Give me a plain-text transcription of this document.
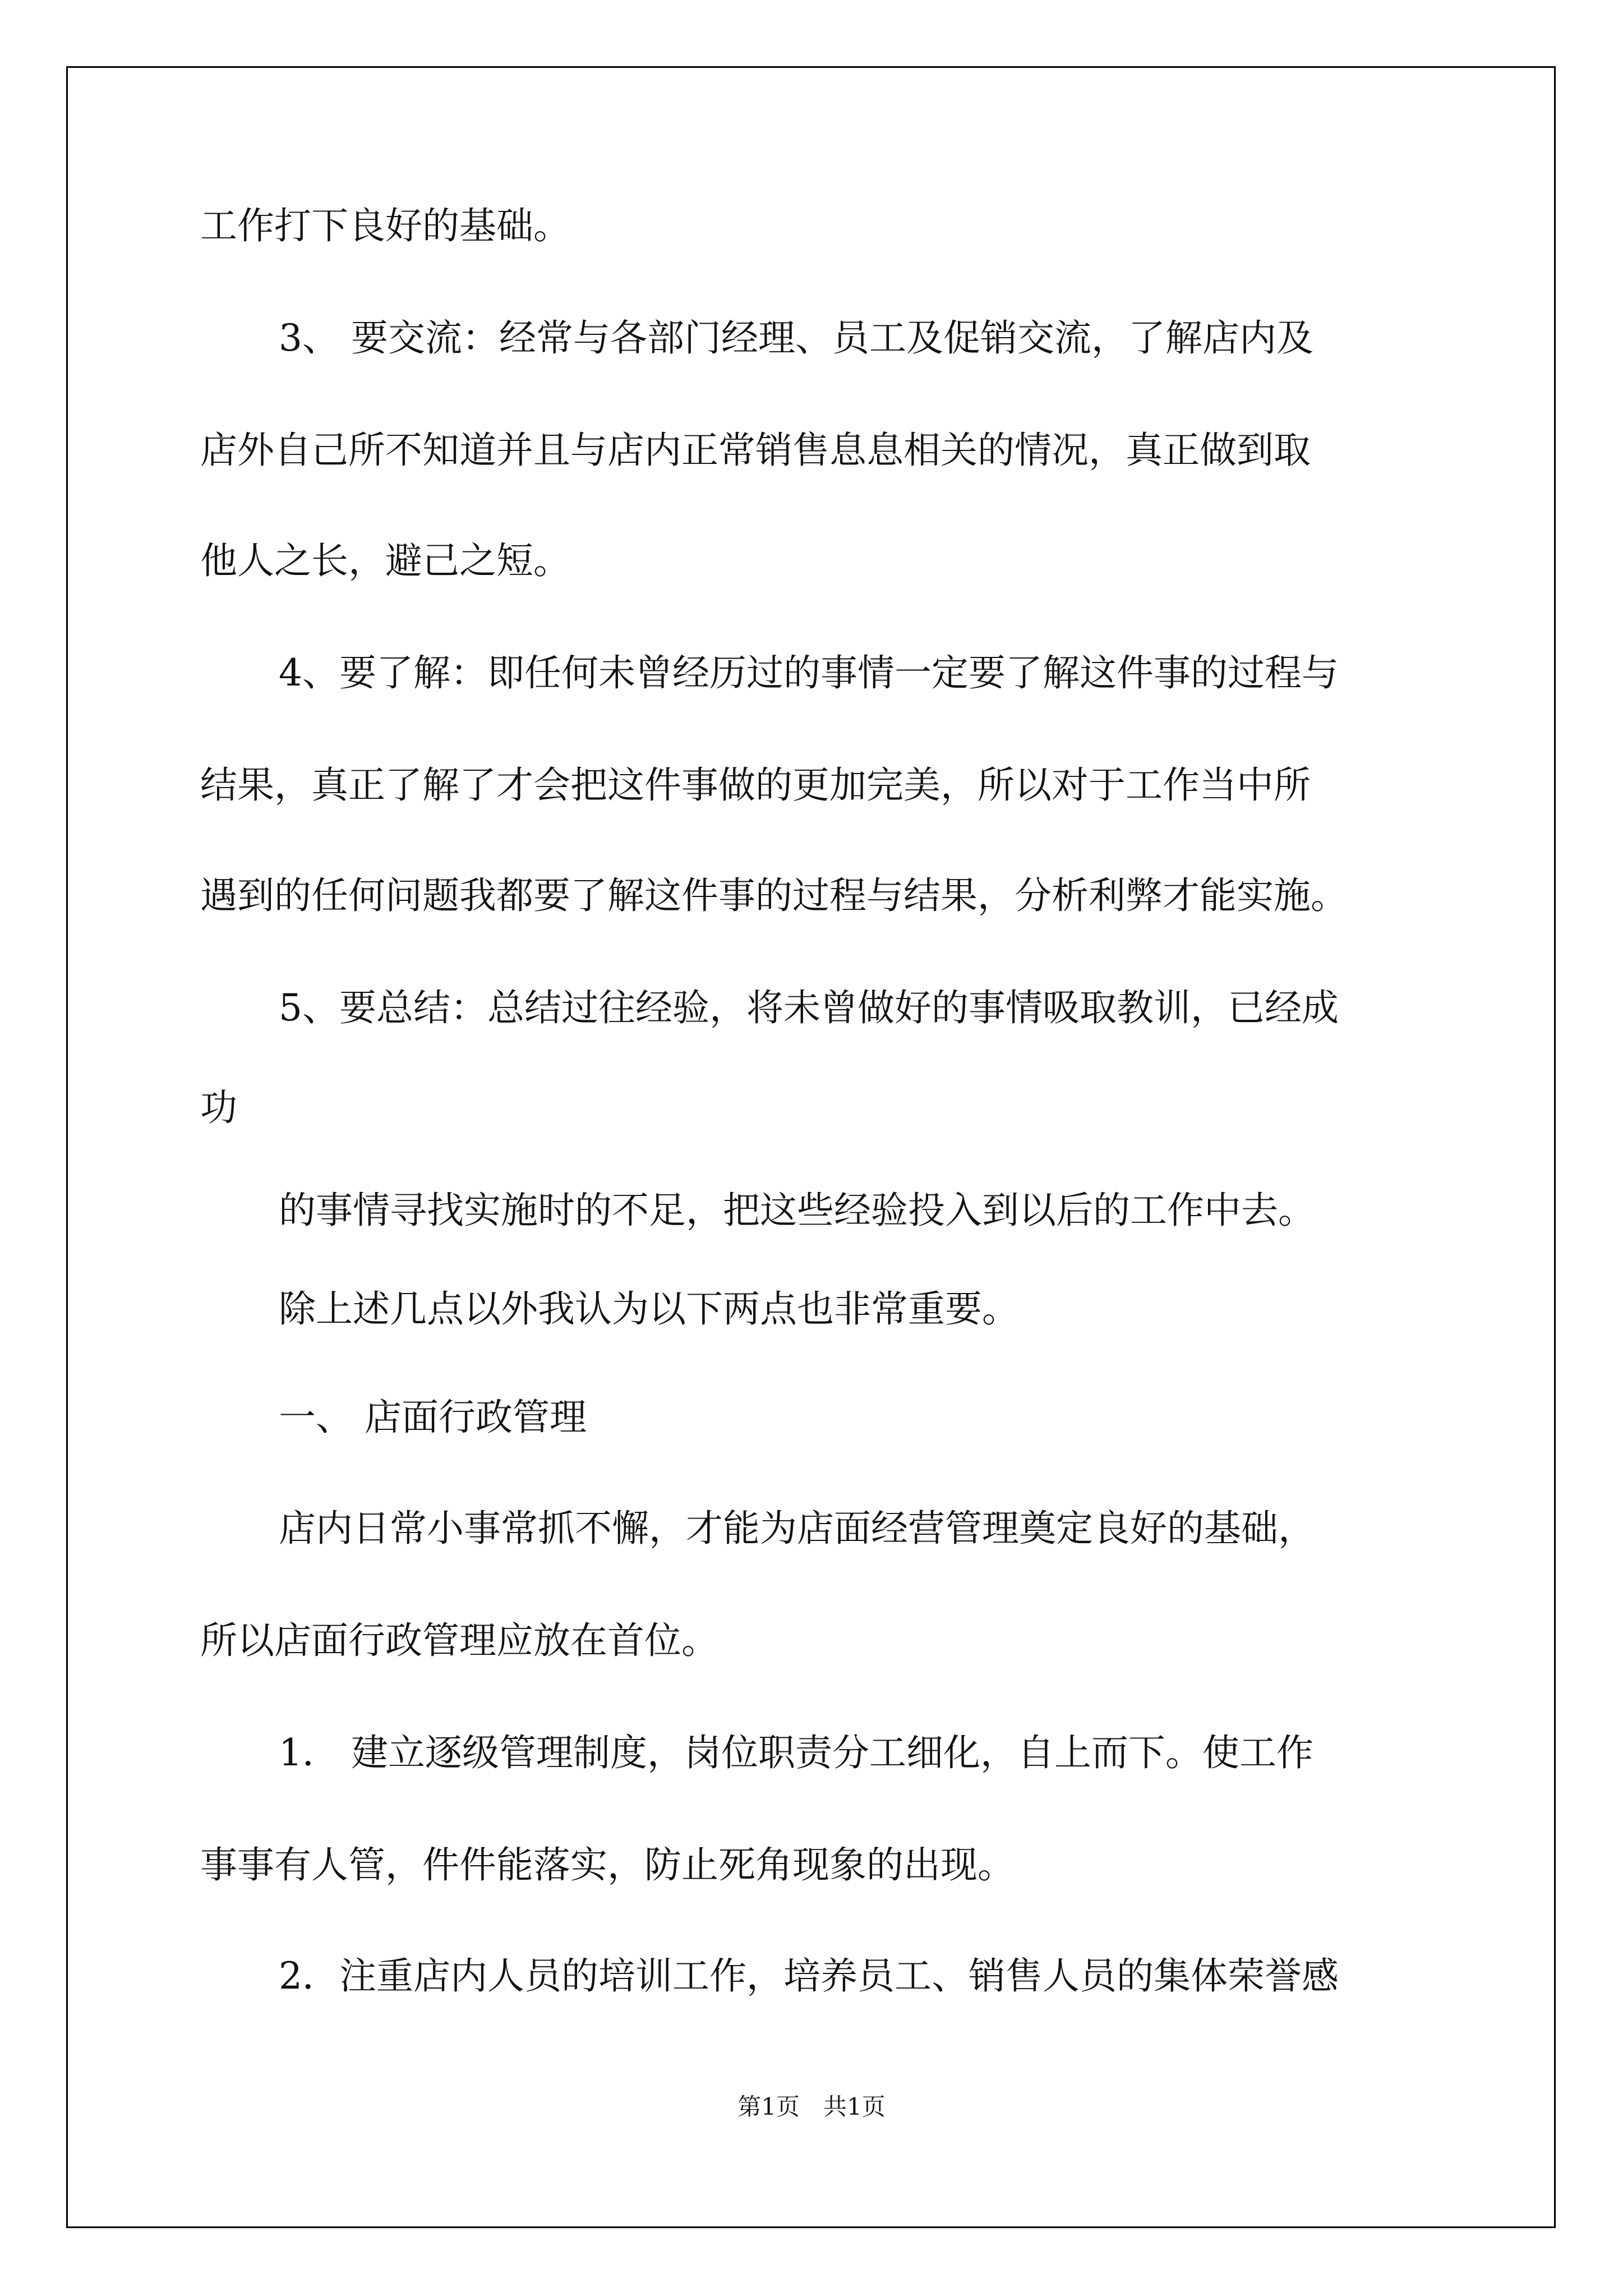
工作打下良好的基础。

3、 要交流：经常与各部门经理、员工及促销交流，了解店内及

店外自己所不知道并且与店内正常销售息息相关的情况，真正做到取

他人之长，避己之短。

4、要了解：即任何未曾经历过的事情一定要了解这件事的过程与

结果，真正了解了才会把这件事做的更加完美，所以对于工作当中所

遇到的任何问题我都要了解这件事的过程与结果，分析利弊才能实施。

5、要总结：总结过往经验，将未曾做好的事情吸取教训，已经成

功

的事情寻找实施时的不足，把这些经验投入到以后的工作中去。

除上述几点以外我认为以下两点也非常重要。

一、 店面行政管理

店内日常小事常抓不懈，才能为店面经营管理奠定良好的基础，

所以店面行政管理应放在首位。

1． 建立逐级管理制度，岗位职责分工细化，自上而下。使工作

事事有人管，件件能落实，防止死角现象的出现。

2．注重店内人员的培训工作，培养员工、销售人员的集体荣誉感

第1页　共1页
